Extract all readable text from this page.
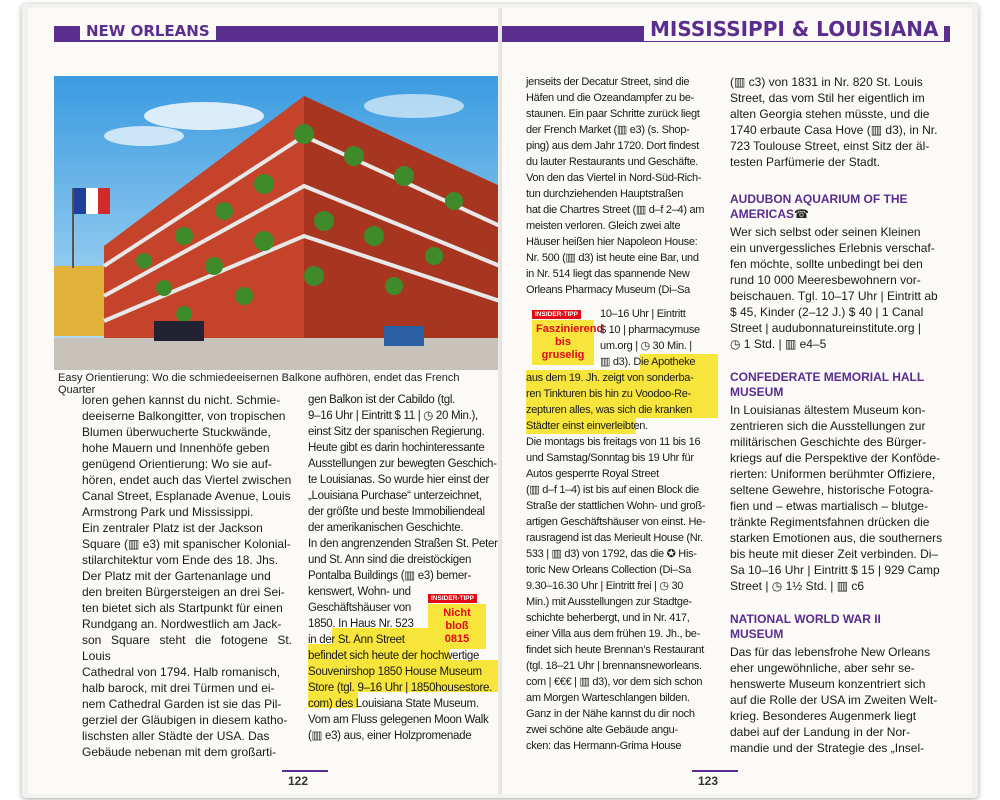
NEW ORLEANS
Easy Orientierung: Wo die schmiedeeisernen Balkone aufhören, endet das French Quarter
loren gehen kannst du nicht. Schmie-
deeiserne Balkongitter, von tropischen
Blumen überwucherte Stuckwände,
hohe Mauern und Innenhöfe geben
genügend Orientierung: Wo sie auf-
hören, endet auch das Viertel zwischen
Canal Street, Esplanade Avenue, Louis
Armstrong Park und Mississippi.
Ein zentraler Platz ist der Jackson
Square (▥ e3) mit spanischer Kolonial-
stilarchitektur vom Ende des 18. Jhs.
Der Platz mit der Gartenanlage und
den breiten Bürgersteigen an drei Sei-
ten bietet sich als Startpunkt für einen
Rundgang an. Nordwestlich am Jack-
son Square steht die fotogene St. Louis
Cathedral von 1794. Halb romanisch,
halb barock, mit drei Türmen und ei-
nem Cathedral Garden ist sie das Pil-
gerziel der Gläubigen in diesem katho-
lischsten aller Städte der USA. Das
Gebäude nebenan mit dem großarti-
gen Balkon ist der Cabildo (tgl.
9–16 Uhr | Eintritt $ 11 | ◷ 20 Min.),
einst Sitz der spanischen Regierung.
Heute gibt es darin hochinteressante
Ausstellungen zur bewegten Geschich-
te Louisianas. So wurde hier einst der
„Louisiana Purchase“ unterzeichnet,
der größte und beste Immobiliendeal
der amerikanischen Geschichte.
In den angrenzenden Straßen St. Peter
und St. Ann sind die dreistöckigen
Pontalba Buildings (▥ e3) bemer-
kenswert, Wohn- und
Geschäftshäuser von
1850. In Haus Nr. 523
in der St. Ann Street
befindet sich heute der hochwertige
Souvenirshop 1850 House Museum
Store (tgl. 9–16 Uhr | 1850housestore.
com) des Louisiana State Museum.
Vom am Fluss gelegenen Moon Walk
(▥ e3) aus, einer Holzpromenade
INSIDER-TIPP
Nicht bloß
0815
122
MISSISSIPPI & LOUISIANA
jenseits der Decatur Street, sind die
Häfen und die Ozeandampfer zu be-
staunen. Ein paar Schritte zurück liegt
der French Market (▥ e3) (s. Shop-
ping) aus dem Jahr 1720. Dort findest
du lauter Restaurants und Geschäfte.
Von den das Viertel in Nord-Süd-Rich-
tun durchziehenden Hauptstraßen
hat die Chartres Street (▥ d–f 2–4) am
meisten verloren. Gleich zwei alte
Häuser heißen hier Napoleon House:
Nr. 500 (▥ d3) ist heute eine Bar, und
in Nr. 514 liegt das spannende New
Orleans Pharmacy Museum (Di–Sa
INSIDER-TIPP
Faszinierend
bis gruselig
10–16 Uhr | Eintritt
$ 10 | pharmacymuse
um.org | ◷ 30 Min. |
▥ d3). Die Apotheke
aus dem 19. Jh. zeigt von sonderba-
ren Tinkturen bis hin zu Voodoo-Re-
zepturen alles, was sich die kranken
Städter einst einverleibten.
Die montags bis freitags von 11 bis 16
und Samstag/Sonntag bis 19 Uhr für
Autos gesperrte Royal Street
(▥ d–f 1–4) ist bis auf einen Block die
Straße der stattlichen Wohn- und groß-
artigen Geschäftshäuser von einst. He-
rausragend ist das Merieult House (Nr.
533 | ▥ d3) von 1792, das die ✪ His-
toric New Orleans Collection (Di–Sa
9.30–16.30 Uhr | Eintritt frei | ◷ 30
Min.) mit Ausstellungen zur Stadtge-
schichte beherbergt, und in Nr. 417,
einer Villa aus dem frühen 19. Jh., be-
findet sich heute Brennan’s Restaurant
(tgl. 18–21 Uhr | brennansneworleans.
com | €€€ | ▥ d3), vor dem sich schon
am Morgen Warteschlangen bilden.
Ganz in der Nähe kannst du dir noch
zwei schöne alte Gebäude angu-
cken: das Hermann-Grima House
(▥ c3) von 1831 in Nr. 820 St. Louis
Street, das vom Stil her eigentlich im
alten Georgia stehen müsste, und die
1740 erbaute Casa Hove (▥ d3), in Nr.
723 Toulouse Street, einst Sitz der äl-
testen Parfümerie der Stadt.
AUDUBON AQUARIUM OF THE
AMERICAS ☎
Wer sich selbst oder seinen Kleinen
ein unvergessliches Erlebnis verschaf-
fen möchte, sollte unbedingt bei den
rund 10 000 Meeresbewohnern vor-
beischauen. Tgl. 10–17 Uhr | Eintritt ab
$ 45, Kinder (2–12 J.) $ 40 | 1 Canal
Street | audubonnatureinstitute.org |
◷ 1 Std. | ▥ e4–5
CONFEDERATE MEMORIAL HALL
MUSEUM
In Louisianas ältestem Museum kon-
zentrieren sich die Ausstellungen zur
militärischen Geschichte des Bürger-
kriegs auf die Perspektive der Konföde-
rierten: Uniformen berühmter Offiziere,
seltene Gewehre, historische Fotogra-
fien und – etwas martialisch – blutge-
tränkte Regimentsfahnen drücken die
starken Emotionen aus, die southerners
bis heute mit dieser Zeit verbinden. Di–
Sa 10–16 Uhr | Eintritt $ 15 | 929 Camp
Street | ◷ 1½ Std. | ▥ c6
NATIONAL WORLD WAR II
MUSEUM
Das für das lebensfrohe New Orleans
eher ungewöhnliche, aber sehr se-
henswerte Museum konzentriert sich
auf die Rolle der USA im Zweiten Welt-
krieg. Besonderes Augenmerk liegt
dabei auf der Landung in der Nor-
mandie und der Strategie des „Insel-
123
